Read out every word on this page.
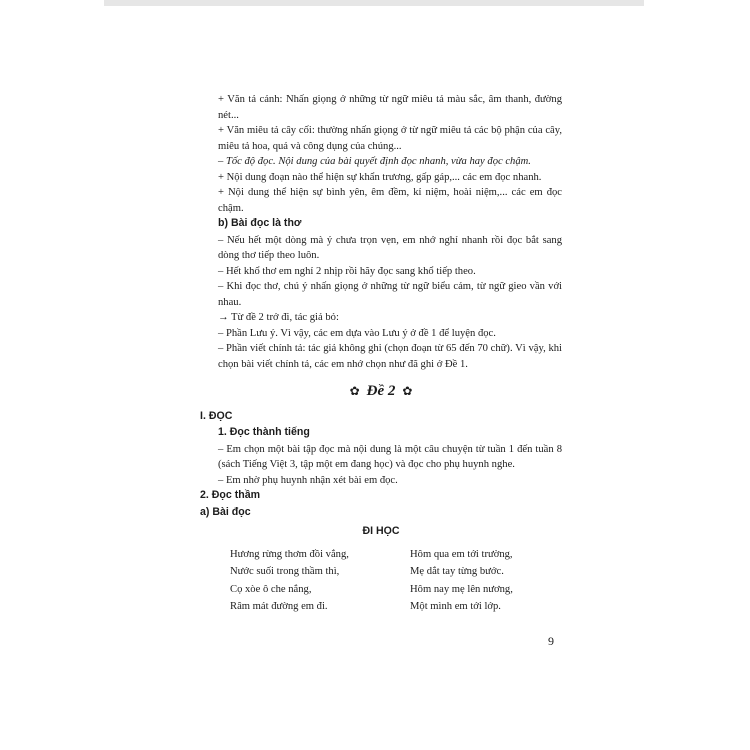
+ Văn tả cảnh: Nhấn giọng ở những từ ngữ miêu tả màu sắc, âm thanh, đường nét...

+ Văn miêu tả cây cối: thường nhấn giọng ở từ ngữ miêu tả các bộ phận của cây, miêu tả hoa, quả và công dụng của chúng...

– Tốc độ đọc. Nội dung của bài quyết định đọc nhanh, vừa hay đọc chậm.

+ Nội dung đoạn nào thể hiện sự khẩn trương, gấp gáp,... các em đọc nhanh.

+ Nội dung thể hiện sự bình yên, êm đềm, kỉ niệm, hoài niệm,... các em đọc chậm.

b) Bài đọc là thơ

– Nếu hết một dòng mà ý chưa trọn vẹn, em nhớ nghỉ nhanh rồi đọc bắt sang dòng thơ tiếp theo luôn.

– Hết khổ thơ em nghỉ 2 nhịp rồi hãy đọc sang khổ tiếp theo.

– Khi đọc thơ, chú ý nhấn giọng ở những từ ngữ biểu cảm, từ ngữ gieo vần với nhau.

→ Từ đề 2 trở đi, tác giả bỏ:

– Phần Lưu ý. Vì vậy, các em dựa vào Lưu ý ở đề 1 để luyện đọc.

– Phần viết chính tả: tác giả không ghi (chọn đoạn từ 65 đến 70 chữ). Vì vậy, khi chọn bài viết chính tả, các em nhớ chọn như đã ghi ở Đề 1.

✿ Đề 2 ✿
I. ĐỌC
1. Đọc thành tiếng

– Em chọn một bài tập đọc mà nội dung là một câu chuyện từ tuần 1 đến tuần 8 (sách Tiếng Việt 3, tập một em đang học) và đọc cho phụ huynh nghe.

– Em nhờ phụ huynh nhận xét bài em đọc.

2. Đọc thầm
a) Bài đọc
ĐI HỌC
Hương rừng thơm đồi vắng,
Nước suối trong thầm thì,
Cọ xòe ô che nắng,
Râm mát đường em đi.
Hôm qua em tới trường,
Mẹ dắt tay từng bước.
Hôm nay mẹ lên nương,
Một mình em tới lớp.
9
